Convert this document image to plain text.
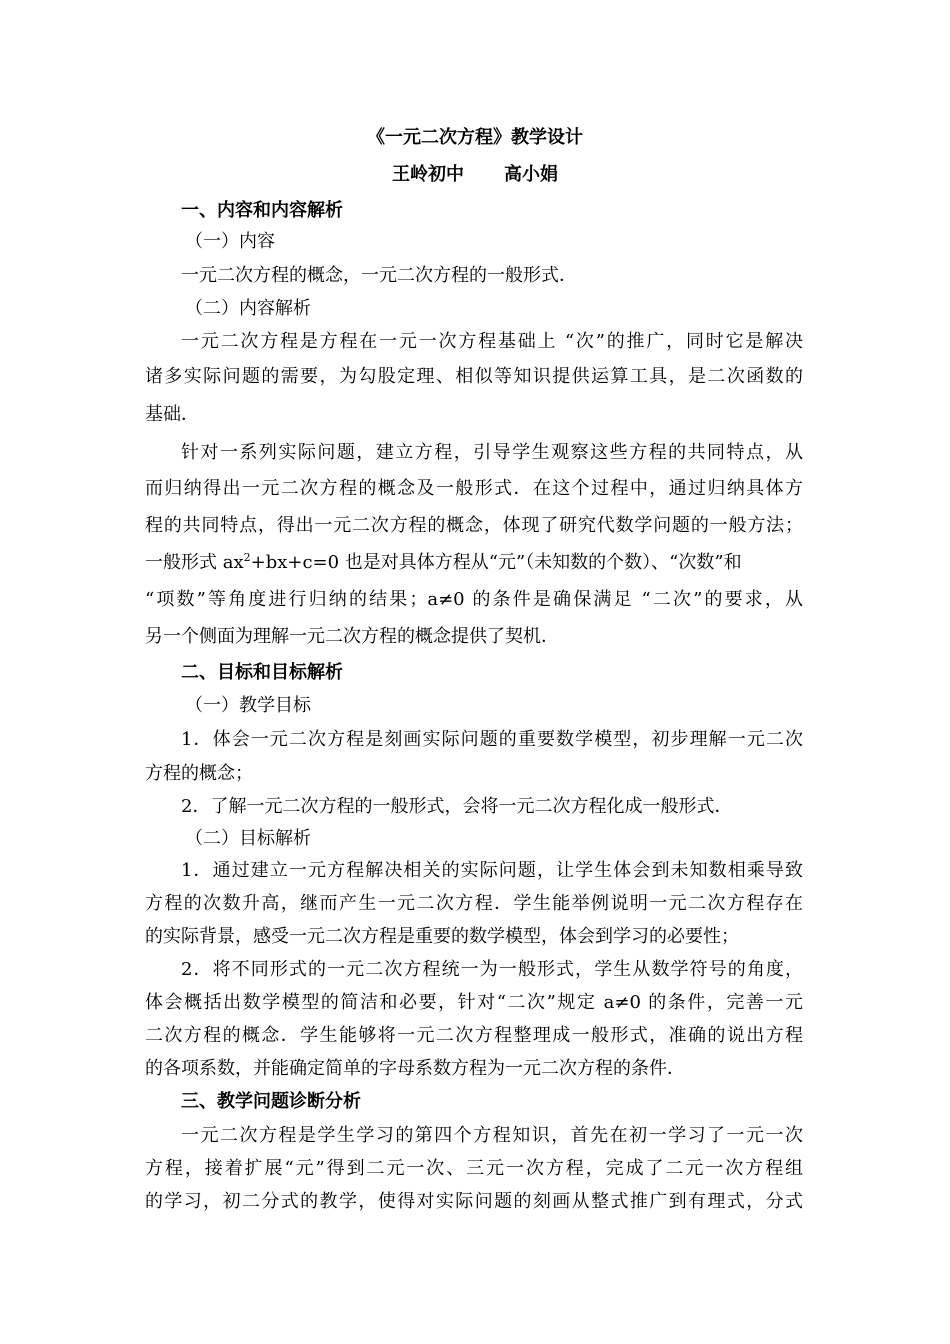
《一元二次方程》教学设计
王岭初中 高小娟
一、内容和内容解析
（一）内容
一元二次方程的概念，一元二次方程的一般形式．
（二）内容解析
一元二次方程是方程在一元一次方程基础上 “次”的推广，同时它是解决
诸多实际问题的需要，为勾股定理、相似等知识提供运算工具，是二次函数的
基础．
针对一系列实际问题，建立方程，引导学生观察这些方程的共同特点，从
而归纳得出一元二次方程的概念及一般形式．在这个过程中，通过归纳具体方
程的共同特点，得出一元二次方程的概念，体现了研究代数学问题的一般方法；
一般形式 $ax^2+bx+c=0$ 也是对具体方程从“元”（未知数的个数）、“次数”和
“项数”等角度进行归纳的结果；a≠0 的条件是确保满足 “二次”的要求，从
另一个侧面为理解一元二次方程的概念提供了契机．
二、目标和目标解析
（一）教学目标
1．体会一元二次方程是刻画实际问题的重要数学模型，初步理解一元二次
方程的概念；
2．了解一元二次方程的一般形式，会将一元二次方程化成一般形式．
（二）目标解析
1．通过建立一元方程解决相关的实际问题，让学生体会到未知数相乘导致
方程的次数升高，继而产生一元二次方程．学生能举例说明一元二次方程存在
的实际背景，感受一元二次方程是重要的数学模型，体会到学习的必要性；
2．将不同形式的一元二次方程统一为一般形式，学生从数学符号的角度，
体会概括出数学模型的简洁和必要，针对“二次”规定 a≠0 的条件，完善一元
二次方程的概念．学生能够将一元二次方程整理成一般形式，准确的说出方程
的各项系数，并能确定简单的字母系数方程为一元二次方程的条件．
三、教学问题诊断分析
一元二次方程是学生学习的第四个方程知识，首先在初一学习了一元一次
方程，接着扩展“元”得到二元一次、三元一次方程，完成了二元一次方程组
的学习，初二分式的教学，使得对实际问题的刻画从整式推广到有理式，分式
